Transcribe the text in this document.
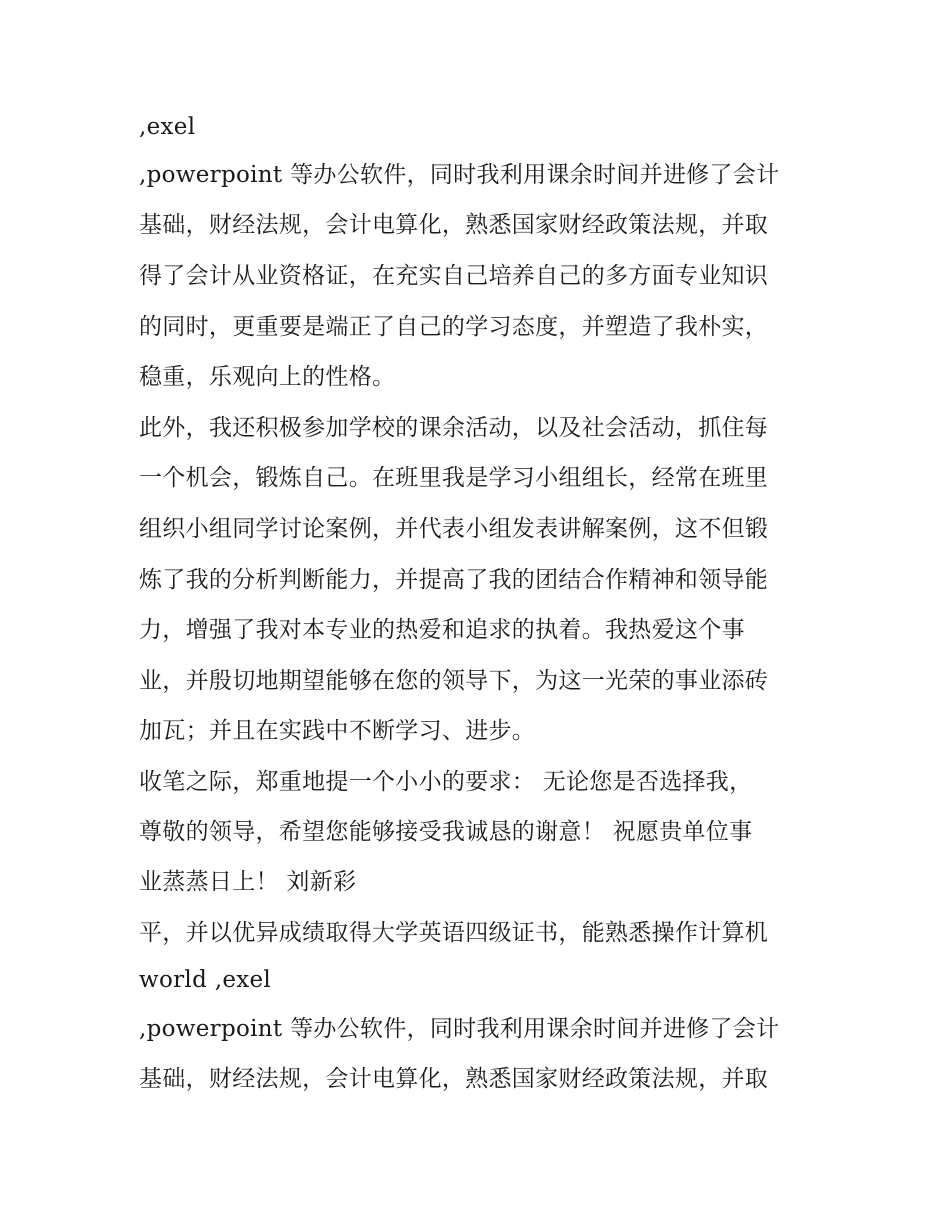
,exel
,powerpoint 等办公软件，同时我利用课余时间并进修了会计
基础，财经法规，会计电算化，熟悉国家财经政策法规，并取
得了会计从业资格证，在充实自己培养自己的多方面专业知识
的同时，更重要是端正了自己的学习态度，并塑造了我朴实，
稳重，乐观向上的性格。
此外，我还积极参加学校的课余活动，以及社会活动，抓住每
一个机会，锻炼自己。在班里我是学习小组组长，经常在班里
组织小组同学讨论案例，并代表小组发表讲解案例，这不但锻
炼了我的分析判断能力，并提高了我的团结合作精神和领导能
力，增强了我对本专业的热爱和追求的执着。我热爱这个事
业，并殷切地期望能够在您的领导下，为这一光荣的事业添砖
加瓦；并且在实践中不断学习、进步。
收笔之际，郑重地提一个小小的要求： 无论您是否选择我，
尊敬的领导，希望您能够接受我诚恳的谢意！ 祝愿贵单位事
业蒸蒸日上！ 刘新彩
平，并以优异成绩取得大学英语四级证书，能熟悉操作计算机
world ,exel
,powerpoint 等办公软件，同时我利用课余时间并进修了会计
基础，财经法规，会计电算化，熟悉国家财经政策法规，并取
